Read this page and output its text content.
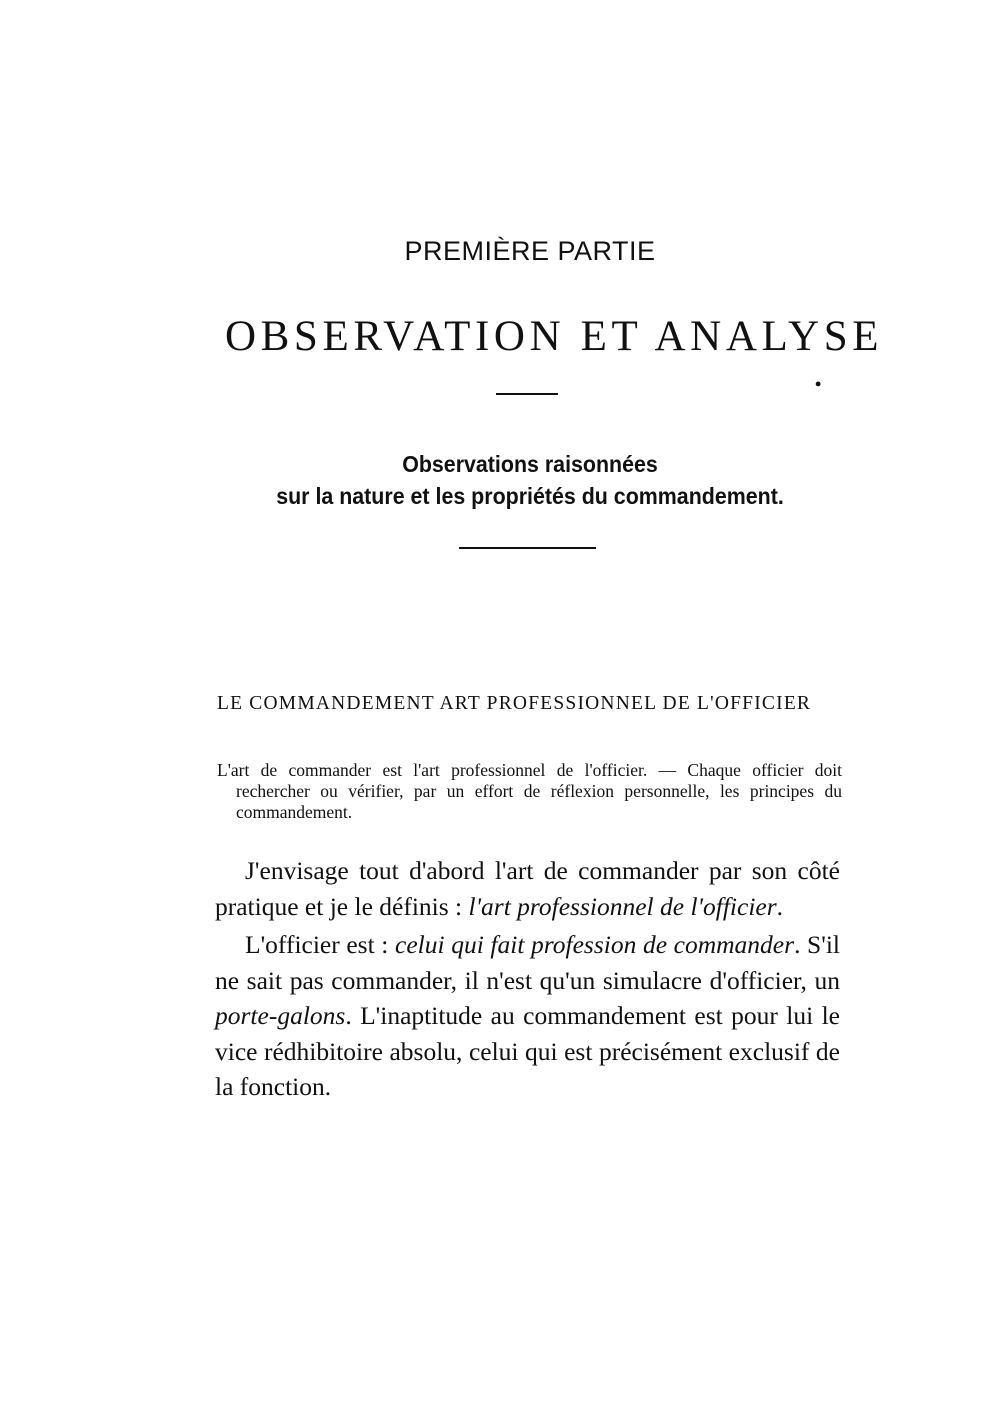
PREMIÈRE PARTIE
OBSERVATION ET ANALYSE
•
Observations raisonnées
sur la nature et les propriétés du commandement.
LE COMMANDEMENT ART PROFESSIONNEL DE L'OFFICIER

L'art de commander est l'art professionnel de l'officier. — Chaque officier doit rechercher ou vérifier, par un effort de réflexion personnelle, les principes du commandement.

J'envisage tout d'abord l'art de commander par son côté pratique et je le définis : l'art professionnel de l'officier.

L'officier est : celui qui fait profession de commander. S'il ne sait pas commander, il n'est qu'un simulacre d'officier, un porte-galons. L'inaptitude au commandement est pour lui le vice rédhibitoire absolu, celui qui est précisément exclusif de la fonction.
